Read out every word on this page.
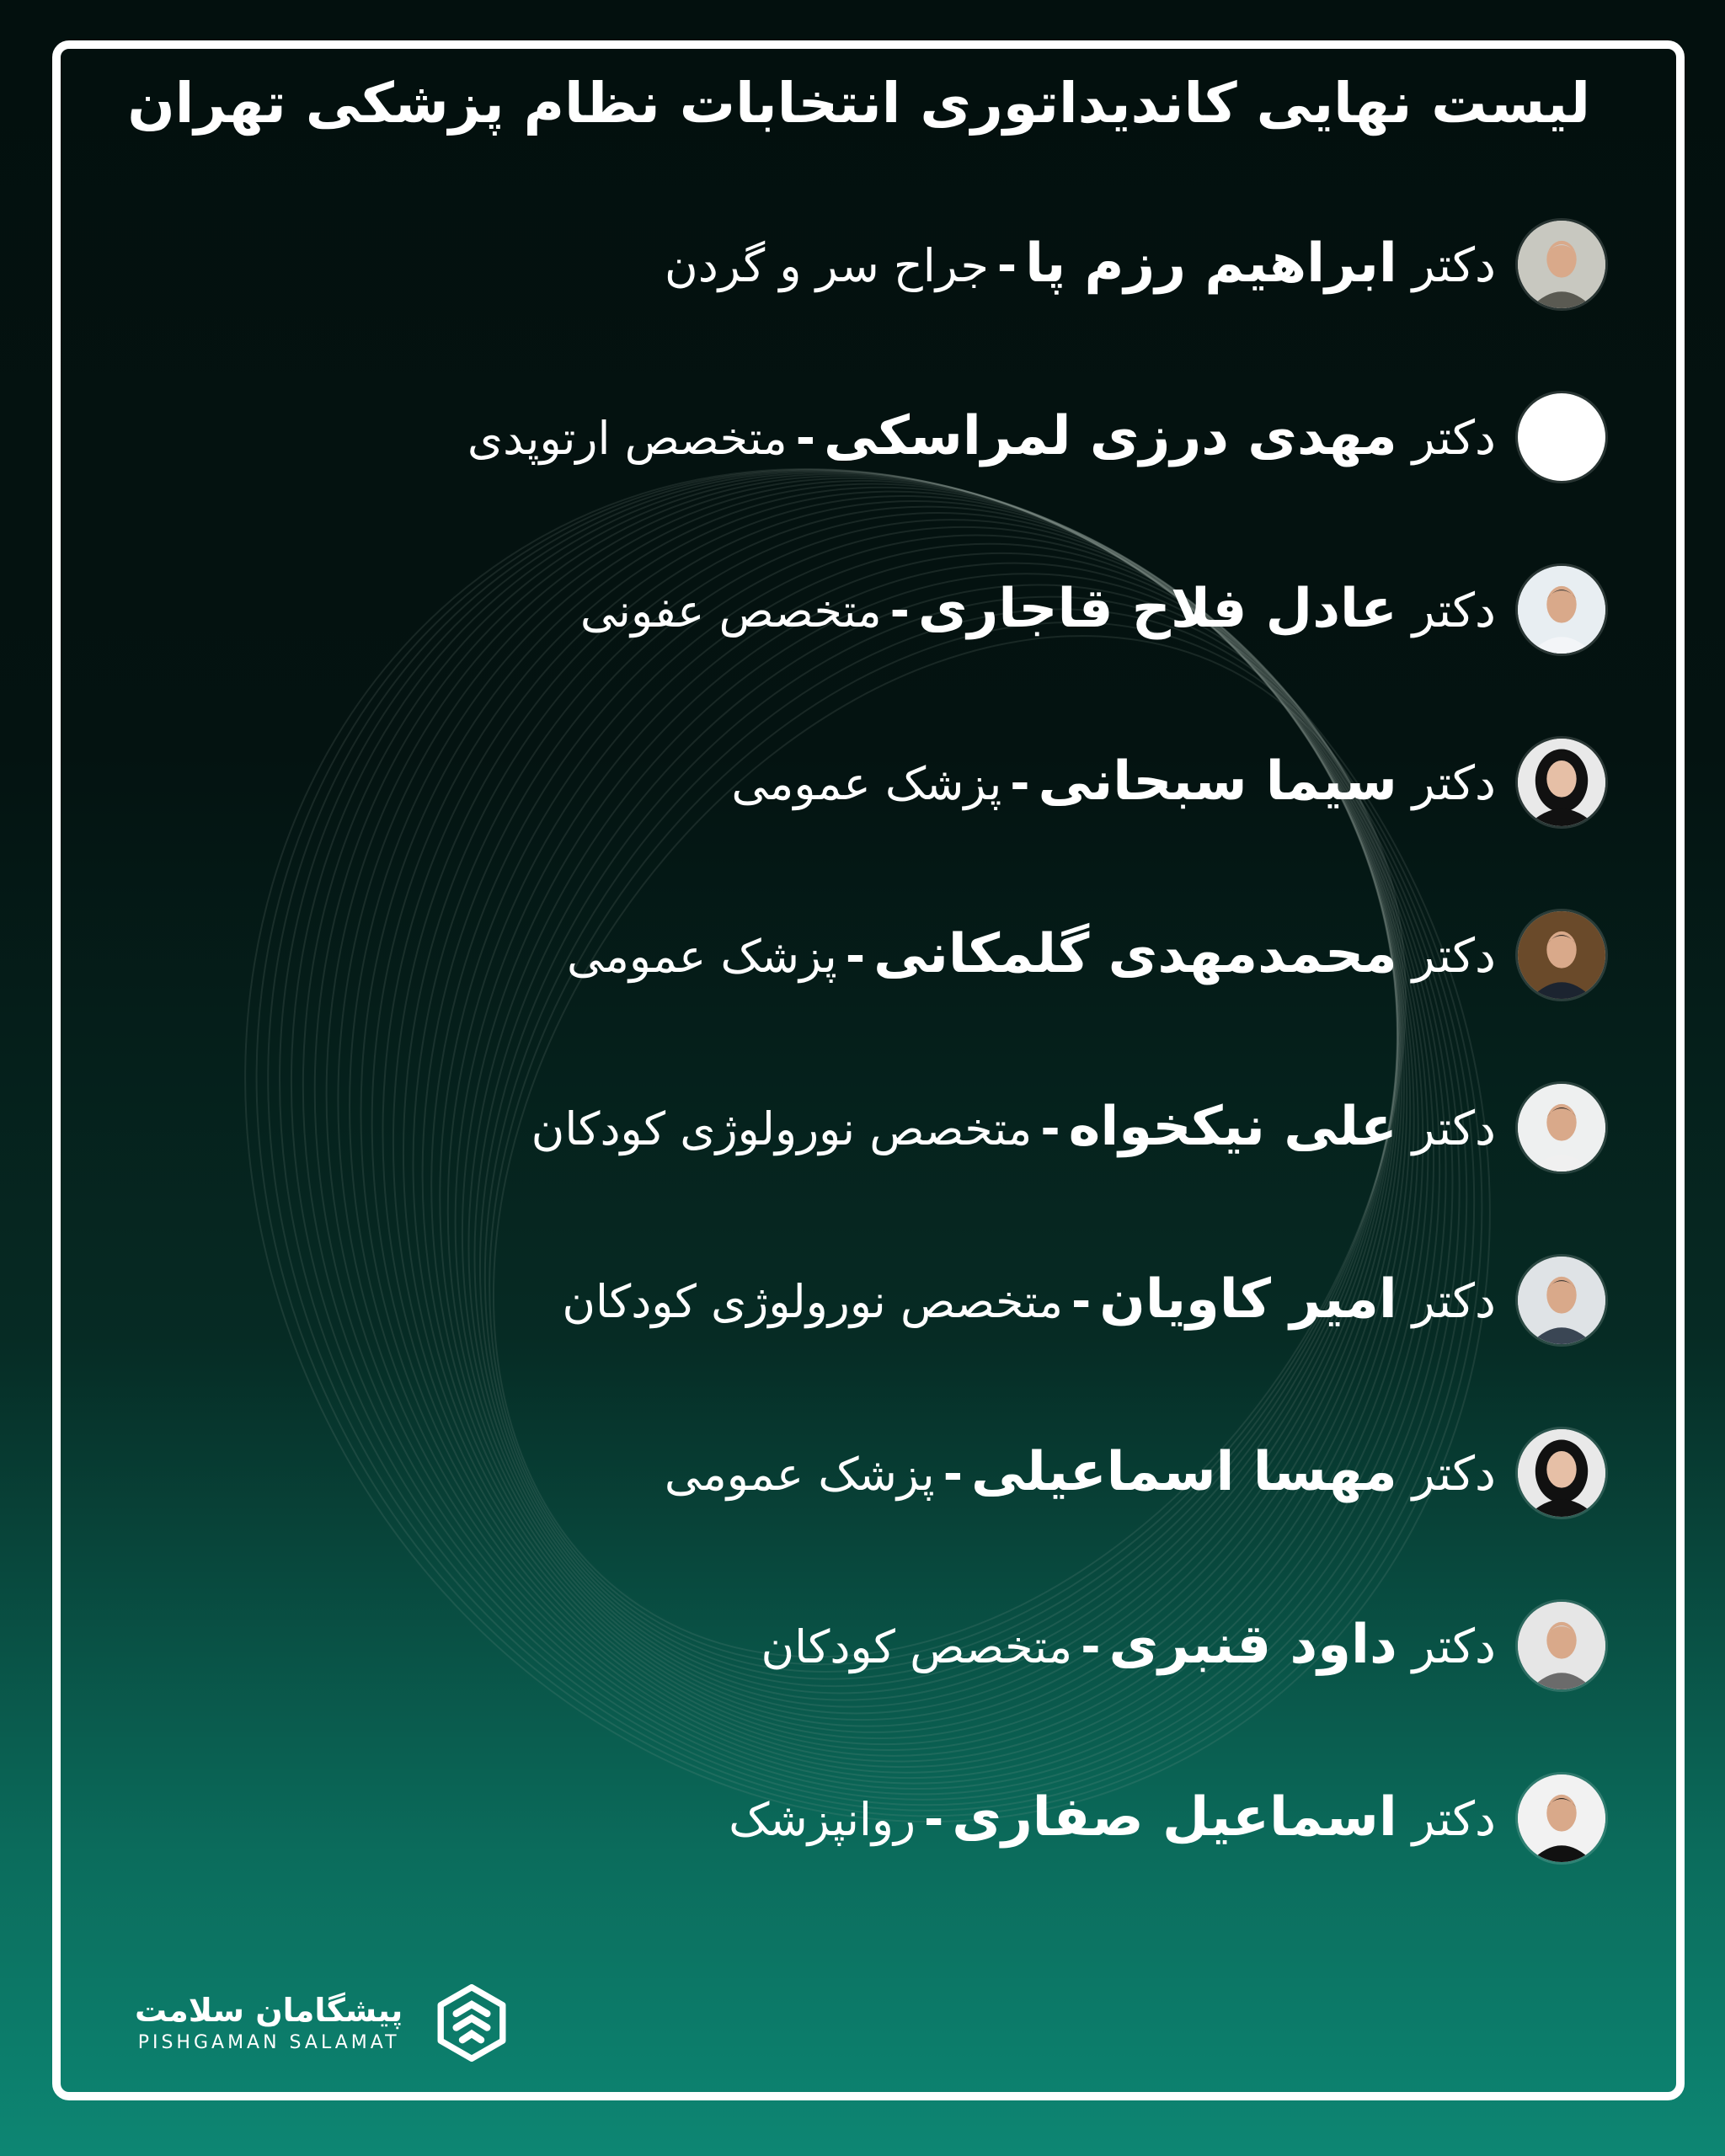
لیست نهایی کاندیداتوری انتخابات نظام پزشکی تهران
دکتر ابراهیم رزم پا-جراح سر و گردن
دکتر مهدی درزی لمراسکی-متخصص ارتوپدی
دکتر عادل فلاح قاجاری-متخصص عفونی
دکتر سیما سبحانی-پزشک عمومی
دکتر محمدمهدی گلمکانی-پزشک عمومی
دکتر علی نیکخواه-متخصص نورولوژی کودکان
دکتر امیر کاویان-متخصص نورولوژی کودکان
دکتر مهسا اسماعیلی-پزشک عمومی
دکتر داود قنبری-متخصص کودکان
دکتر اسماعیل صفاری-روانپزشک
پیشگامان سلامت
PISHGAMAN SALAMAT
